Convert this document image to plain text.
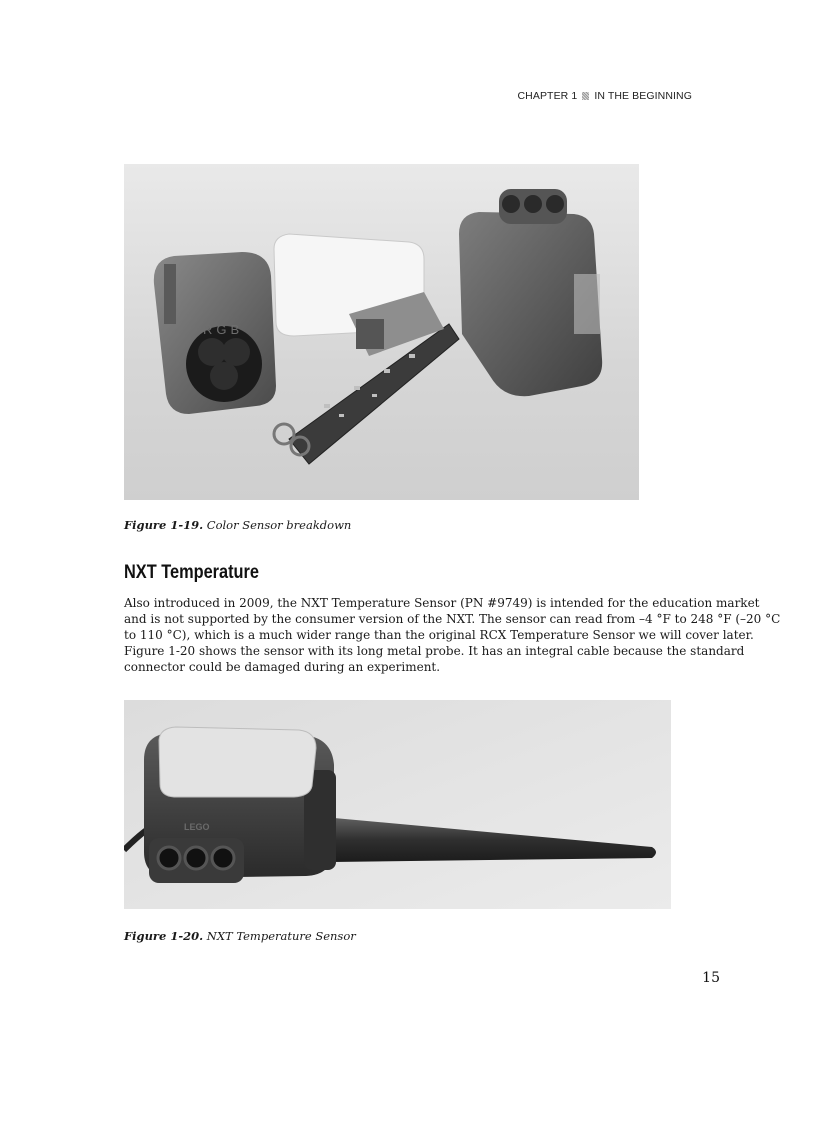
CHAPTER 1 IN THE BEGINNING
RGB
Figure 1-19. Color Sensor breakdown
NXT Temperature
Also introduced in 2009, the NXT Temperature Sensor (PN #9749) is intended for the education market
and is not supported by the consumer version of the NXT. The sensor can read from –4 °F to 248 °F (–20 °C
to 110 °C), which is a much wider range than the original RCX Temperature Sensor we will cover later.
Figure 1-20 shows the sensor with its long metal probe. It has an integral cable because the standard
connector could be damaged during an experiment.
LEGO
Figure 1-20. NXT Temperature Sensor
15
